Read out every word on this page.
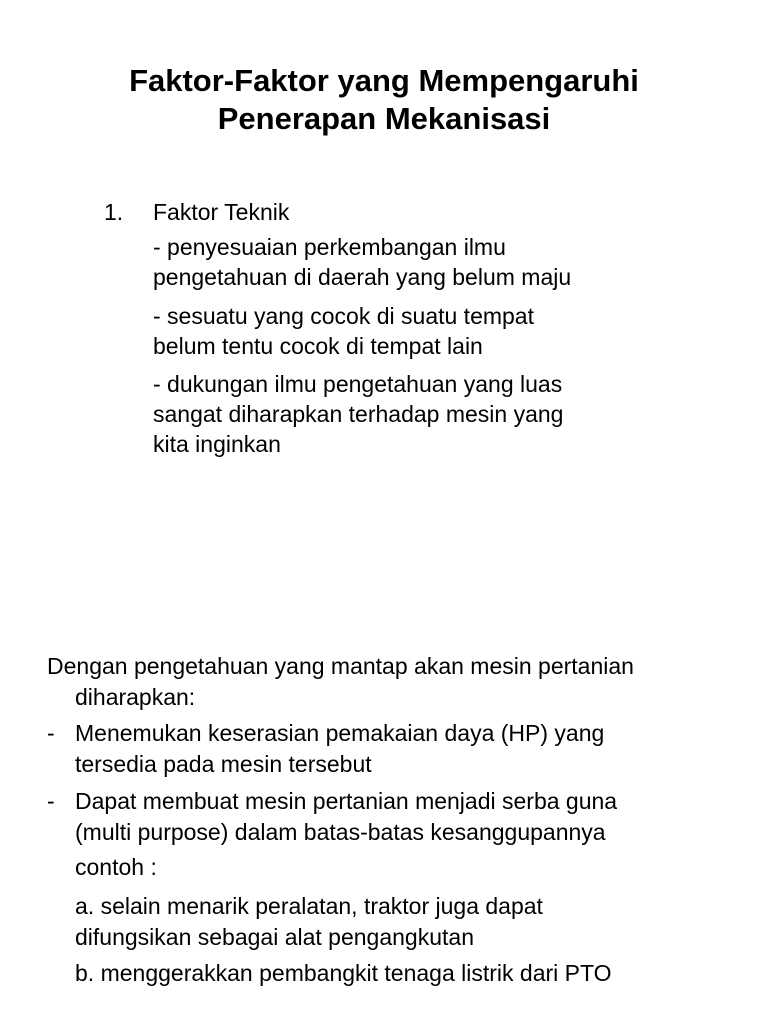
Faktor-Faktor yang Mempengaruhi
Penerapan Mekanisasi
1. Faktor Teknik
- penyesuaian perkembangan ilmu
pengetahuan di daerah yang belum maju
- sesuatu yang cocok di suatu tempat
belum tentu cocok di tempat lain
- dukungan ilmu pengetahuan yang luas
sangat diharapkan terhadap mesin yang
kita inginkan
Dengan pengetahuan yang mantap akan mesin pertanian
diharapkan:
- Menemukan keserasian pemakaian daya (HP) yang
tersedia pada mesin tersebut
- Dapat membuat mesin pertanian menjadi serba guna
(multi purpose) dalam batas-batas kesanggupannya
contoh :
a. selain menarik peralatan, traktor juga dapat
difungsikan sebagai alat pengangkutan
b. menggerakkan pembangkit tenaga listrik dari PTO
